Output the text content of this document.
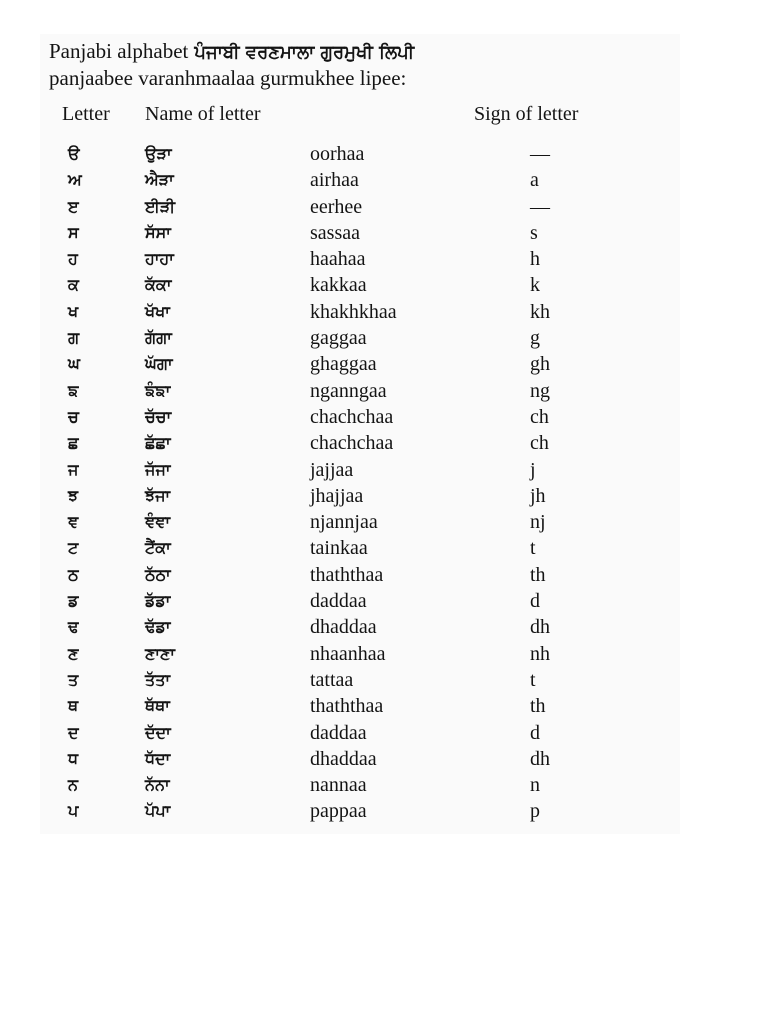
Panjabi alphabet ਪੰਜਾਬੀ ਵਰਣਮਾਲਾ ਗੁਰਮੁਖੀ ਲਿਪੀ
panjaabee varanhmaalaa gurmukhee lipee:
Letter Name of letter	Sign of letter
ੳ	ਉੜਾ	oorhaa	—
ਅ	ਐੜਾ	airhaa	a
ੲ	ਈੜੀ	eerhee	—
ਸ	ਸੱਸਾ	sassaa	s
ਹ	ਹਾਹਾ	haahaa	h
ਕ	ਕੱਕਾ	kakkaa	k
ਖ	ਖੱਖਾ	khakhkhaa	kh
ਗ	ਗੱਗਾ	gaggaa	g
ਘ	ਘੱਗਾ	ghaggaa	gh
ਙ	ਙੰਙਾ	nganngaa	ng
ਚ	ਚੱਚਾ	chachchaa	ch
ਛ	ਛੱਛਾ	chachchaa	ch
ਜ	ਜੱਜਾ	jajjaa	j
ਝ	ਝੱਜਾ	jhajjaa	jh
ਞ	ਞੰਞਾ	njannjaa	nj
ਟ	ਟੈਂਕਾ	tainkaa	t
ਠ	ਠੱਠਾ	thaththaa	th
ਡ	ਡੱਡਾ	daddaa	d
ਢ	ਢੱਡਾ	dhaddaa	dh
ਣ	ਣਾਣਾ	nhaanhaa	nh
ਤ	ਤੱਤਾ	tattaa	t
ਥ	ਥੱਥਾ	thaththaa	th
ਦ	ਦੱਦਾ	daddaa	d
ਧ	ਧੱਦਾ	dhaddaa	dh
ਨ	ਨੱਨਾ	nannaa	n
ਪ	ਪੱਪਾ	pappaa	p
